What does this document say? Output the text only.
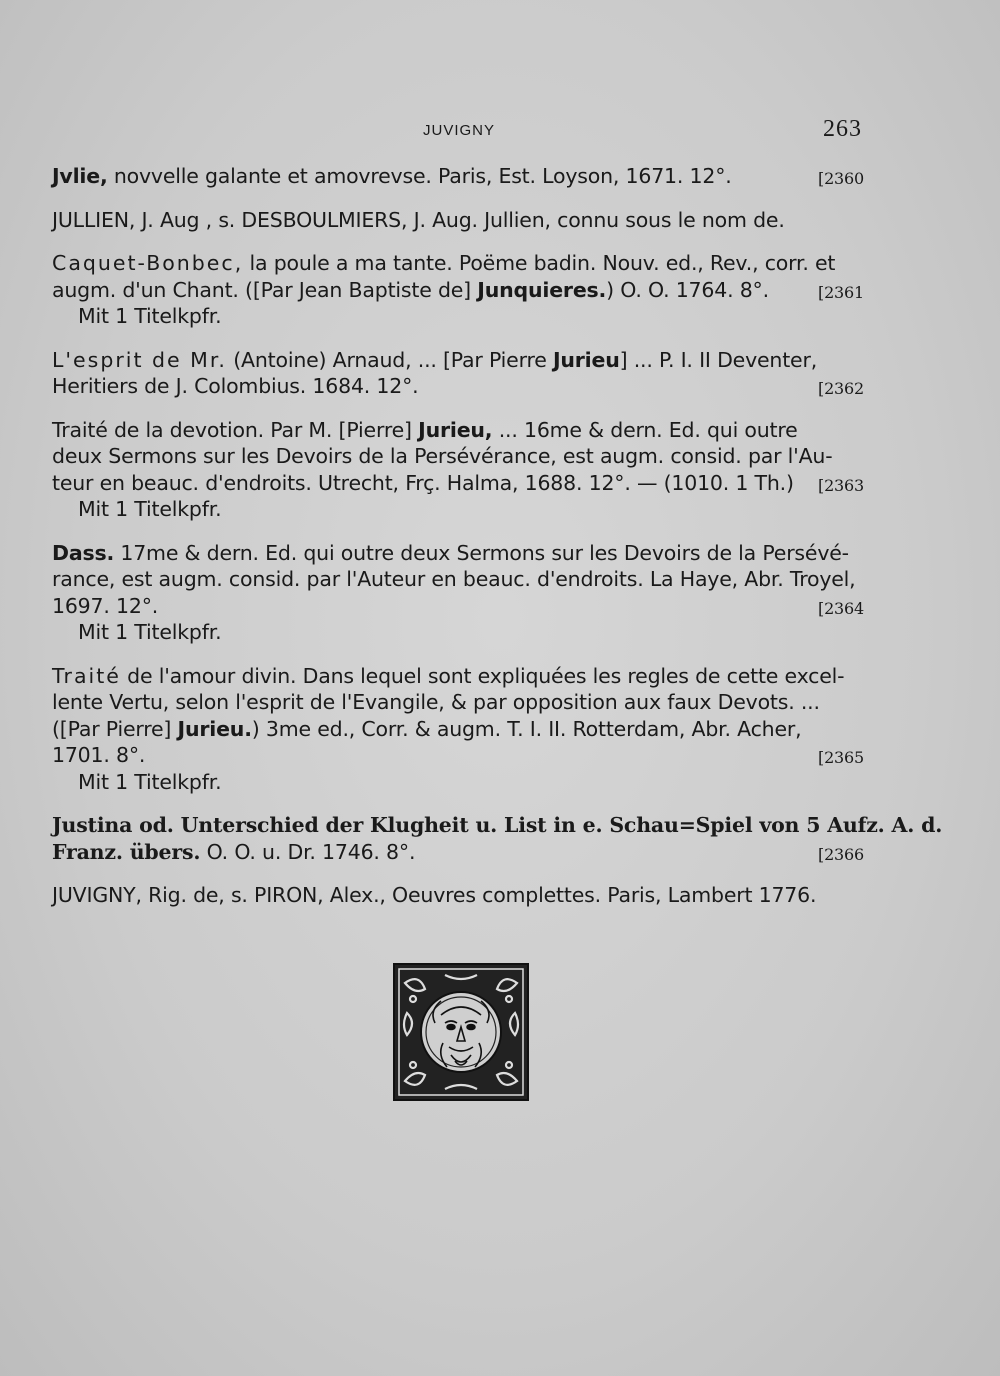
JUVIGNY	263
Jvlie, novvelle galante et amovrevse. Paris, Est. Loyson, 1671. 12°.	[2360
JULLIEN, J. Aug , s. DESBOULMIERS, J. Aug. Jullien, connu sous le nom de.
Caquet-Bonbec, la poule a ma tante. Poëme badin. Nouv. ed., Rev., corr. et
augm. d'un Chant. ([Par Jean Baptiste de] Junquieres.) O. O. 1764. 8°.
Mit 1 Titelkpfr.
[2361
L'esprit de Mr. (Antoine) Arnaud, ... [Par Pierre Jurieu] ... P. I. II Deventer,
Heritiers de J. Colombius. 1684. 12°.	[2362
Traité de la devotion. Par M. [Pierre] Jurieu, ... 16me & dern. Ed. qui outre
deux Sermons sur les Devoirs de la Persévérance, est augm. consid. par l'Au-
teur en beauc. d'endroits. Utrecht, Frç. Halma, 1688. 12°. — (1010. 1 Th.)
Mit 1 Titelkpfr.
[2363
Dass. 17me & dern. Ed. qui outre deux Sermons sur les Devoirs de la Persévé-
rance, est augm. consid. par l'Auteur en beauc. d'endroits. La Haye, Abr. Troyel,
1697. 12°.
Mit 1 Titelkpfr.
[2364
Traité de l'amour divin. Dans lequel sont expliquées les regles de cette excel-
lente Vertu, selon l'esprit de l'Evangile, & par opposition aux faux Devots. ...
([Par Pierre] Jurieu.) 3me ed., Corr. & augm. T. I. II. Rotterdam, Abr. Acher,
1701. 8°.
Mit 1 Titelkpfr.
[2365
Justina od. Unterschied der Klugheit u. List in e. Schau=Spiel von 5 Aufz. A. d.
Franz. übers. O. O. u. Dr. 1746. 8°.	[2366
JUVIGNY, Rig. de, s. PIRON, Alex., Oeuvres complettes. Paris, Lambert 1776.
